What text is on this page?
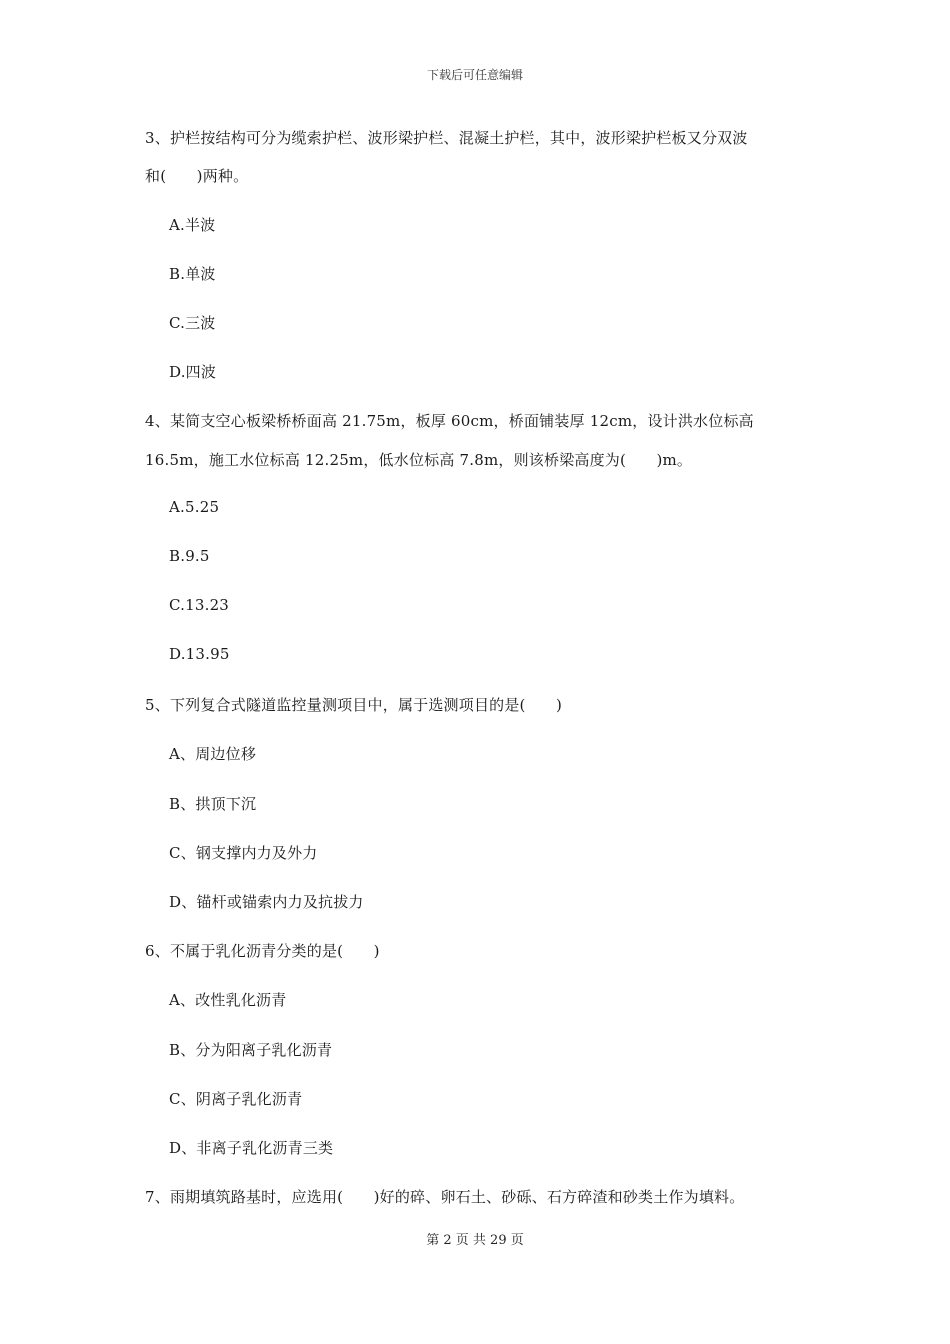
下载后可任意编辑
3、护栏按结构可分为缆索护栏、波形梁护栏、混凝土护栏，其中，波形梁护栏板又分双波
和(　　)两种。
A.半波
B.单波
C.三波
D.四波
4、某简支空心板梁桥桥面高 21.75m，板厚 60cm，桥面铺装厚 12cm，设计洪水位标高
16.5m，施工水位标高 12.25m，低水位标高 7.8m，则该桥梁高度为(　　)m。
A.5.25
B.9.5
C.13.23
D.13.95
5、下列复合式隧道监控量测项目中，属于选测项目的是(　　)
A、周边位移
B、拱顶下沉
C、钢支撑内力及外力
D、锚杆或锚索内力及抗拔力
6、不属于乳化沥青分类的是(　　)
A、改性乳化沥青
B、分为阳离子乳化沥青
C、阴离子乳化沥青
D、非离子乳化沥青三类
7、雨期填筑路基时，应选用(　　)好的碎、卵石土、砂砾、石方碎渣和砂类土作为填料。
第 2 页 共 29 页
